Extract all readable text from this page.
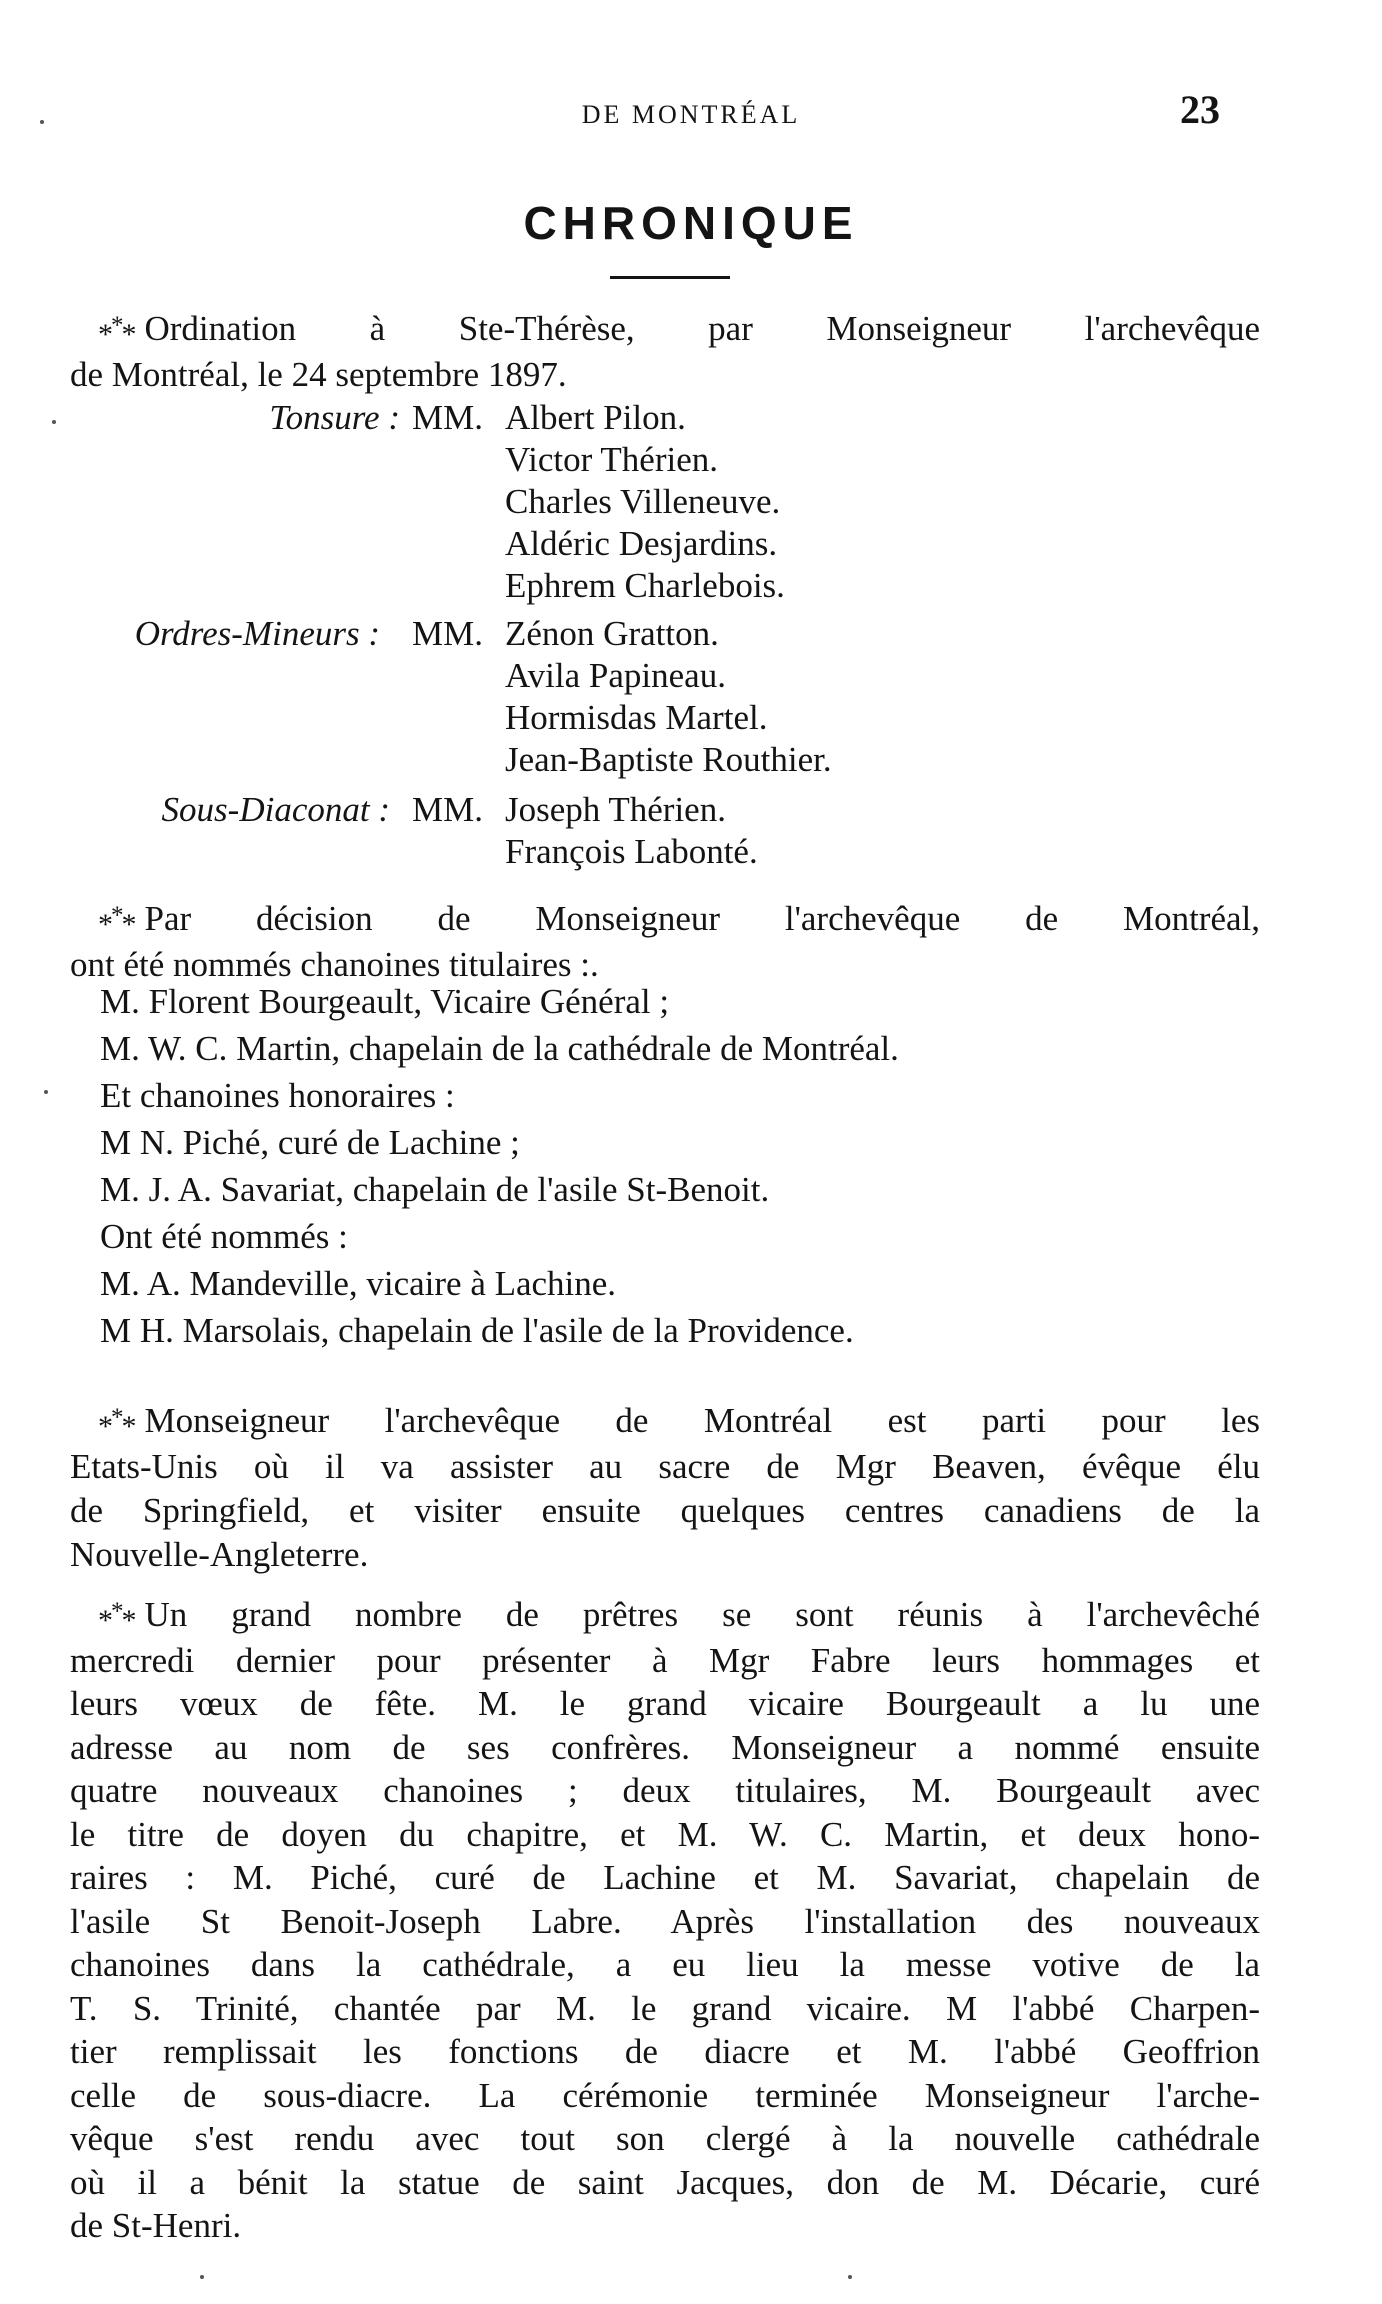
DE MONTRÉAL	23
CHRONIQUE
*** Ordination à Ste-Thérèse, par Monseigneur l'archevêque
de Montréal, le 24 septembre 1897.
Tonsure : MM. Albert Pilon.
Victor Thérien.
Charles Villeneuve.
Aldéric Desjardins.
Ephrem Charlebois.
Ordres-Mineurs : MM. Zénon Gratton.
Avila Papineau.
Hormisdas Martel.
Jean-Baptiste Routhier.
Sous-Diaconat : MM. Joseph Thérien.
François Labonté.
*** Par décision de Monseigneur l'archevêque de Montréal,
ont été nommés chanoines titulaires :.
M. Florent Bourgeault, Vicaire Général ;
M. W. C. Martin, chapelain de la cathédrale de Montréal.
Et chanoines honoraires :
M N. Piché, curé de Lachine ;
M. J. A. Savariat, chapelain de l'asile St-Benoit.
Ont été nommés :
M. A. Mandeville, vicaire à Lachine.
M H. Marsolais, chapelain de l'asile de la Providence.
*** Monseigneur l'archevêque de Montréal est parti pour les
Etats-Unis où il va assister au sacre de Mgr Beaven, évêque élu
de Springfield, et visiter ensuite quelques centres canadiens de la
Nouvelle-Angleterre.
*** Un grand nombre de prêtres se sont réunis à l'archevêché
mercredi dernier pour présenter à Mgr Fabre leurs hommages et
leurs vœux de fête. M. le grand vicaire Bourgeault a lu une
adresse au nom de ses confrères. Monseigneur a nommé ensuite
quatre nouveaux chanoines ; deux titulaires, M. Bourgeault avec
le titre de doyen du chapitre, et M. W. C. Martin, et deux hono-
raires : M. Piché, curé de Lachine et M. Savariat, chapelain de
l'asile St Benoit-Joseph Labre. Après l'installation des nouveaux
chanoines dans la cathédrale, a eu lieu la messe votive de la
T. S. Trinité, chantée par M. le grand vicaire. M l'abbé Charpen-
tier remplissait les fonctions de diacre et M. l'abbé Geoffrion
celle de sous-diacre. La cérémonie terminée Monseigneur l'arche-
vêque s'est rendu avec tout son clergé à la nouvelle cathédrale
où il a bénit la statue de saint Jacques, don de M. Décarie, curé
de St-Henri.
